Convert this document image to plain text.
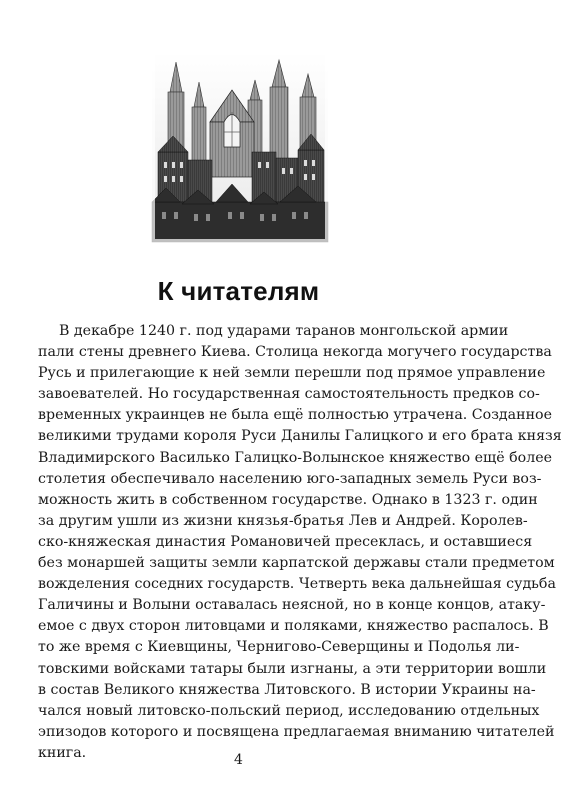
К читателям
В декабре 1240 г. под ударами таранов монгольской армии
пали стены древнего Киева. Столица некогда могучего государства
Русь и прилегающие к ней земли перешли под прямое управление
завоевателей. Но государственная самостоятельность предков со-
временных украинцев не была ещё полностью утрачена. Созданное
великими трудами короля Руси Данилы Галицкого и его брата князя
Владимирского Василько Галицко-Волынское княжество ещё более
столетия обеспечивало населению юго-западных земель Руси воз-
можность жить в собственном государстве. Однако в 1323 г. один
за другим ушли из жизни князья-братья Лев и Андрей. Королев-
ско-княжеская династия Романовичей пресеклась, и оставшиеся
без монаршей защиты земли карпатской державы стали предметом
вожделения соседних государств. Четверть века дальнейшая судьба
Галичины и Волыни оставалась неясной, но в конце концов, атаку-
емое с двух сторон литовцами и поляками, княжество распалось. В
то же время с Киевщины, Чернигово-Северщины и Подолья ли-
товскими войсками татары были изгнаны, а эти территории вошли
в состав Великого княжества Литовского. В истории Украины на-
чался новый литовско-польский период, исследованию отдельных
эпизодов которого и посвящена предлагаемая вниманию читателей
книга.	4
